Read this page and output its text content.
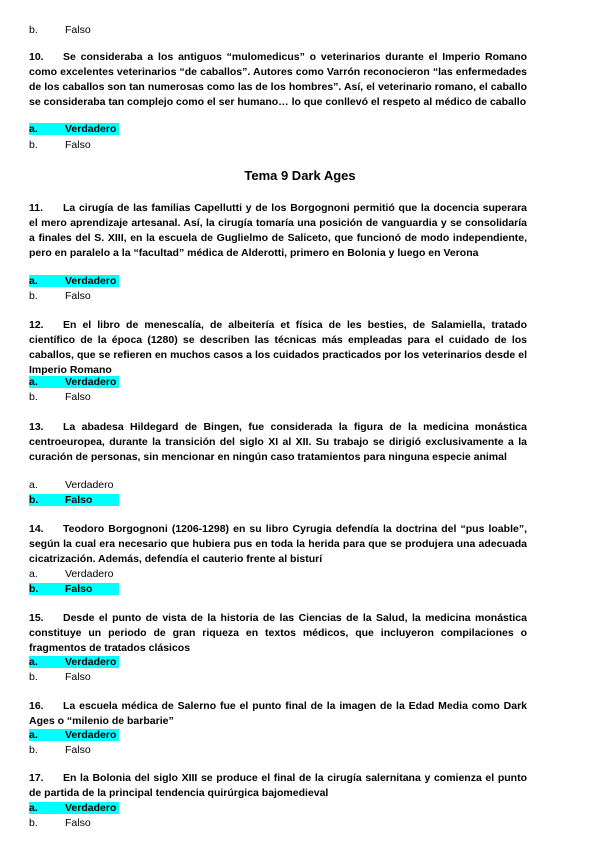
b.	Falso

10. Se consideraba a los antiguos “mulomedicus” o veterinarios durante el Imperio Romano como excelentes veterinarios “de caballos”. Autores como Varrón reconocieron “las enfermedades de los caballos son tan numerosas como las de los hombres”. Así, el veterinario romano, el caballo se consideraba tan complejo como el ser humano… lo que conllevó el respeto al médico de caballo

a.	Verdadero
b.	Falso
Tema 9 Dark Ages

11. La cirugía de las familias Capellutti y de los Borgognoni permitió que la docencia superara el mero aprendizaje artesanal. Así, la cirugía tomaría una posición de vanguardia y se consolidaría a finales del S. XIII, en la escuela de Guglielmo de Saliceto, que funcionó de modo independiente, pero en paralelo a la “facultad” médica de Alderotti, primero en Bolonia y luego en Verona

a.	Verdadero
b.	Falso

12. En el libro de menescalía, de albeitería et física de les besties, de Salamiella, tratado científico de la época (1280) se describen las técnicas más empleadas para el cuidado de los caballos, que se refieren en muchos casos a los cuidados practicados por los veterinarios desde el Imperio Romano

a.	Verdadero
b.	Falso

13. La abadesa Hildegard de Bingen, fue considerada la figura de la medicina monástica centroeuropea, durante la transición del siglo XI al XII. Su trabajo se dirigió exclusivamente a la curación de personas, sin mencionar en ningún caso tratamientos para ninguna especie animal

a.	Verdadero
b.	Falso

14. Teodoro Borgognoni (1206-1298) en su libro Cyrugia defendía la doctrina del “pus loable”, según la cual era necesario que hubiera pus en toda la herida para que se produjera una adecuada cicatrización. Además, defendía el cauterio frente al bisturí

a.	Verdadero
b.	Falso

15. Desde el punto de vista de la historia de las Ciencias de la Salud, la medicina monástica constituye un periodo de gran riqueza en textos médicos, que incluyeron compilaciones o fragmentos de tratados clásicos

a.	Verdadero
b.	Falso

16. La escuela médica de Salerno fue el punto final de la imagen de la Edad Media como Dark Ages o “milenio de barbarie”

a.	Verdadero
b.	Falso

17. En la Bolonia del siglo XIII se produce el final de la cirugía salernitana y comienza el punto de partida de la principal tendencia quirúrgica bajomedieval

a.	Verdadero
b.	Falso
